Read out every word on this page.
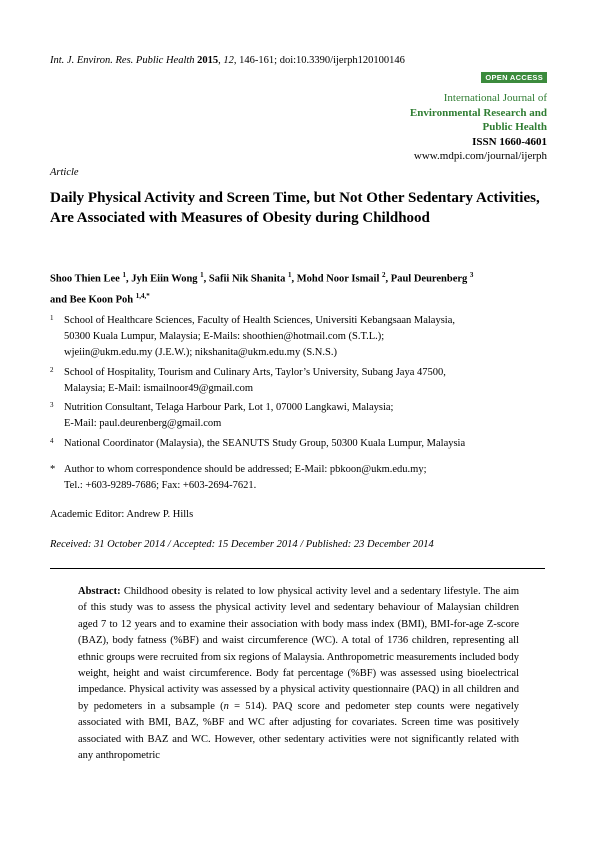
Int. J. Environ. Res. Public Health 2015, 12, 146-161; doi:10.3390/ijerph120100146
OPEN ACCESS
International Journal of
Environmental Research and
Public Health
ISSN 1660-4601
www.mdpi.com/journal/ijerph
Article
Daily Physical Activity and Screen Time, but Not Other Sedentary Activities, Are Associated with Measures of Obesity during Childhood
Shoo Thien Lee $^1$, Jyh Eiin Wong $^1$, Safii Nik Shanita $^1$, Mohd Noor Ismail $^2$, Paul Deurenberg $^3$
and Bee Koon Poh $^{1,4,*}$
1 School of Healthcare Sciences, Faculty of Health Sciences, Universiti Kebangsaan Malaysia,
50300 Kuala Lumpur, Malaysia; E-Mails: shoothien@hotmail.com (S.T.L.);
wjeiin@ukm.edu.my (J.E.W.); nikshanita@ukm.edu.my (S.N.S.)
2 School of Hospitality, Tourism and Culinary Arts, Taylor’s University, Subang Jaya 47500,
Malaysia; E-Mail: ismailnoor49@gmail.com
3 Nutrition Consultant, Telaga Harbour Park, Lot 1, 07000 Langkawi, Malaysia;
E-Mail: paul.deurenberg@gmail.com
4 National Coordinator (Malaysia), the SEANUTS Study Group, 50300 Kuala Lumpur, Malaysia
* Author to whom correspondence should be addressed; E-Mail: pbkoon@ukm.edu.my;
Tel.: +603-9289-7686; Fax: +603-2694-7621.
Academic Editor: Andrew P. Hills
Received: 31 October 2014 / Accepted: 15 December 2014 / Published: 23 December 2014

Abstract: Childhood obesity is related to low physical activity level and a sedentary lifestyle. The aim of this study was to assess the physical activity level and sedentary behaviour of Malaysian children aged 7 to 12 years and to examine their association with body mass index (BMI), BMI-for-age Z-score (BAZ), body fatness (%BF) and waist circumference (WC). A total of 1736 children, representing all ethnic groups were recruited from six regions of Malaysia. Anthropometric measurements included body weight, height and waist circumference. Body fat percentage (%BF) was assessed using bioelectrical impedance. Physical activity was assessed by a physical activity questionnaire (PAQ) in all children and by pedometers in a subsample (n = 514). PAQ score and pedometer step counts were negatively associated with BMI, BAZ, %BF and WC after adjusting for covariates. Screen time was positively associated with BAZ and WC. However, other sedentary activities were not significantly related with any anthropometric
